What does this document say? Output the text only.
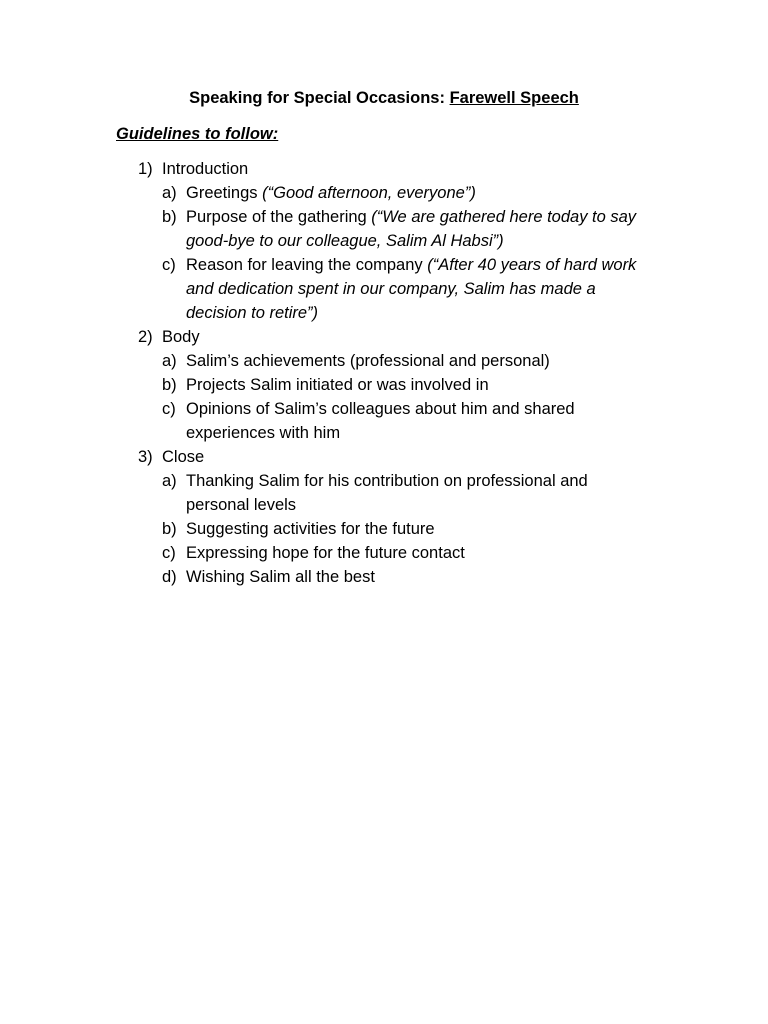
Speaking for Special Occasions: Farewell Speech
Guidelines to follow:
1) Introduction
a) Greetings (“Good afternoon, everyone”)
b) Purpose of the gathering (“We are gathered here today to say good-bye to our colleague, Salim Al Habsi”)
c) Reason for leaving the company (“After 40 years of hard work and dedication spent in our company, Salim has made a decision to retire”)
2) Body
a) Salim’s achievements (professional and personal)
b) Projects Salim initiated or was involved in
c) Opinions of Salim’s colleagues about him and shared experiences with him
3) Close
a) Thanking Salim for his contribution on professional and personal levels
b) Suggesting activities for the future
c) Expressing hope for the future contact
d) Wishing Salim all the best
